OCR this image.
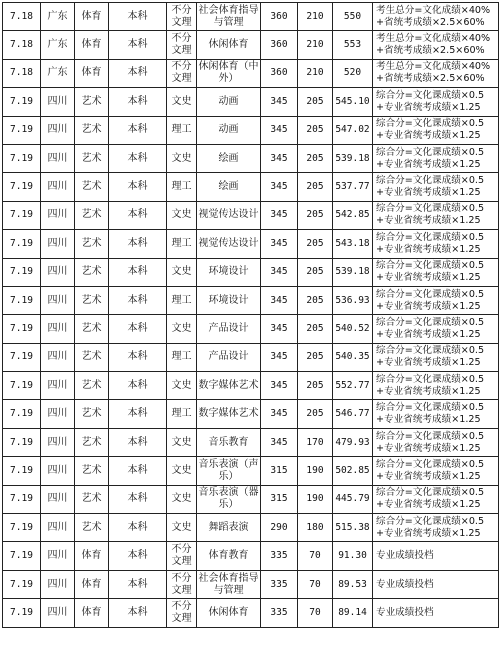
7.18	广东	体育	本科	不分文理	社会体育指导与管理	360	210	550	考生总分=文化成绩×40%+省统考成绩×2.5×60%
7.18	广东	体育	本科	不分文理	休闲体育	360	210	553	考生总分=文化成绩×40%+省统考成绩×2.5×60%
7.18	广东	体育	本科	不分文理	休闲体育（中外）	360	210	520	考生总分=文化成绩×40%+省统考成绩×2.5×60%
7.19	四川	艺术	本科	文史	动画	345	205	545.10	综合分=文化课成绩×0.5+专业省统考成绩×1.25
7.19	四川	艺术	本科	理工	动画	345	205	547.02	综合分=文化课成绩×0.5+专业省统考成绩×1.25
7.19	四川	艺术	本科	文史	绘画	345	205	539.18	综合分=文化课成绩×0.5+专业省统考成绩×1.25
7.19	四川	艺术	本科	理工	绘画	345	205	537.77	综合分=文化课成绩×0.5+专业省统考成绩×1.25
7.19	四川	艺术	本科	文史	视觉传达设计	345	205	542.85	综合分=文化课成绩×0.5+专业省统考成绩×1.25
7.19	四川	艺术	本科	理工	视觉传达设计	345	205	543.18	综合分=文化课成绩×0.5+专业省统考成绩×1.25
7.19	四川	艺术	本科	文史	环境设计	345	205	539.18	综合分=文化课成绩×0.5+专业省统考成绩×1.25
7.19	四川	艺术	本科	理工	环境设计	345	205	536.93	综合分=文化课成绩×0.5+专业省统考成绩×1.25
7.19	四川	艺术	本科	文史	产品设计	345	205	540.52	综合分=文化课成绩×0.5+专业省统考成绩×1.25
7.19	四川	艺术	本科	理工	产品设计	345	205	540.35	综合分=文化课成绩×0.5+专业省统考成绩×1.25
7.19	四川	艺术	本科	文史	数字媒体艺术	345	205	552.77	综合分=文化课成绩×0.5+专业省统考成绩×1.25
7.19	四川	艺术	本科	理工	数字媒体艺术	345	205	546.77	综合分=文化课成绩×0.5+专业省统考成绩×1.25
7.19	四川	艺术	本科	文史	音乐教育	345	170	479.93	综合分=文化课成绩×0.5+专业省统考成绩×1.25
7.19	四川	艺术	本科	文史	音乐表演（声乐）	315	190	502.85	综合分=文化课成绩×0.5+专业省统考成绩×1.25
7.19	四川	艺术	本科	文史	音乐表演（器乐）	315	190	445.79	综合分=文化课成绩×0.5+专业省统考成绩×1.25
7.19	四川	艺术	本科	文史	舞蹈表演	290	180	515.38	综合分=文化课成绩×0.5+专业省统考成绩×1.25
7.19	四川	体育	本科	不分文理	体育教育	335	70	91.30	专业成绩投档
7.19	四川	体育	本科	不分文理	社会体育指导与管理	335	70	89.53	专业成绩投档
7.19	四川	体育	本科	不分文理	休闲体育	335	70	89.14	专业成绩投档
